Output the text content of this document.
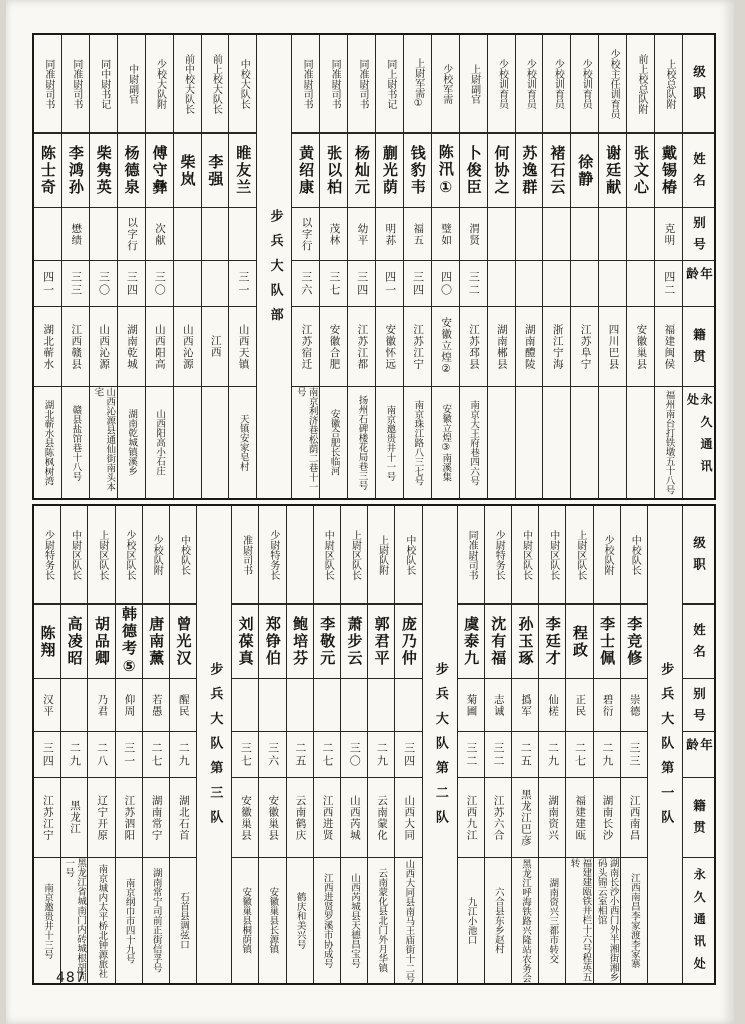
级职
姓名
别号
年龄
籍贯
永久通讯处
上校总队附
戴锡椿
克明
四二
福建闽侯
福州南台打铁墩五十八号
前上校总队附
张文心
安徽巢县
少校主任训育员
谢廷献
四川巴县
少校训育员
徐静
江苏阜宁
少校训育员
褚石云
浙江宁海
少校训育员
苏逸群
湖南醴陵
少校训育员
何协之
湖南郴县
上尉副官
卜俊臣
渭贤
三二
江苏邳县
南京大王府巷四六号
少校军需
陈汛①
璧如
四〇
安徽立煌②
安徽立煌③南溪集
上尉军需①
钱豹韦
福五
三四
江苏江宁
南京珠江路八三七号
同上尉书记
蒯光荫
明荪
四一
安徽怀远
南京邀贵井十一号
同准尉司书
杨灿元
幼平
三四
江苏江都
扬州石碑楼花局巷三号
同准尉司书
张以柏
茂林
三七
安徽合肥
安徽合肥长临河
同准尉司书
黄绍康
以字行
三六
江苏宿迁
南京利济巷松荫二巷十一号
步兵大队部
中校大队长
睢友兰
三一
山西天镇
天镇安家皂村
前上校大队长
李强
江西
前中校大队长
柴岚
山西沁源
少校大队附
傅守彝
次献
三〇
山西阳高
山西阳高小石庄
中尉副官
杨德泉
以字行
三四
湖南乾城
湖南乾城镇溪乡
同中尉书记
柴隽英
三〇
山西沁源
山西沁源县通仙街南头本宅
同准尉司书
李鸿孙
懋绩
三三
江西赣县
赣县盐馆巷十八号
同准尉司书
陈士奇
四一
湖北蕲水
湖北蕲水县陈枫树湾
级职
姓名
别号
年龄
籍贯
永久通讯处
步兵大队第一队
中校队长
李竞修
崇德
三三
江西南昌
江西南昌李家渡李家寨
少校队附
李士佩
碧衍
二九
湖南长沙
湖南长沙小西门外半湘街湘乡码头锦云室相馆
上尉区队长
程政
正民
二七
福建建瓯
福建建瓯铁井栏十六号程英五转
中尉区队长
李廷才
仙槎
二九
湖南资兴
湖南资兴三都市转交
中尉区队长
孙玉琢
撝军
二五
黑龙江巴彦
黑龙江呼海铁路兴隆站农务会
少尉特务长
沈有福
志诚
三二
江苏六合
六合县东乡赵村
同准尉司书
虞泰九
菊圃
三二
江西九江
九江小池口
步兵大队第二队
中校队长
庞乃仲
三四
山西大同
山西大同县南马王庙街十二号
上尉队附
郭君平
二九
云南蒙化
云南蒙化县北门外月华镇
上尉区队长
萧步云
三〇
山西芮城
山西芮城县天德昌宝号
中尉区队长
李敬元
二七
江西进贤
江西进贤罗溪市协成号
鲍培芬
二五
云南鹤庆
鹤庆和美兴号
少尉特务长
郑铮伯
三六
安徽巢县
安徽巢县长源镇
准尉司书
刘葆真
三七
安徽巢县
安徽巢县桐荫镇
步兵大队第三队
中校队长
曾光汉
醒民
二九
湖北石首
石首县调弦口
少校队附
唐南薰
若愚
二七
湖南常宁
湖南常宁司前正街信孚号
少校区队长
韩德考⑤
仰周
三一
江苏泗阳
南京纲巾市四十九号
上尉区队长
胡品卿
乃君
二八
辽宁开原
南京城内太平桥北钟源旅社
中尉区队长
高凌昭
二九
黑龙江
黑龙江省城南门内砖城根胡同一号
少尉特务长
陈翔
汉平
三四
江苏江宁
南京邀贵井十三号
487
